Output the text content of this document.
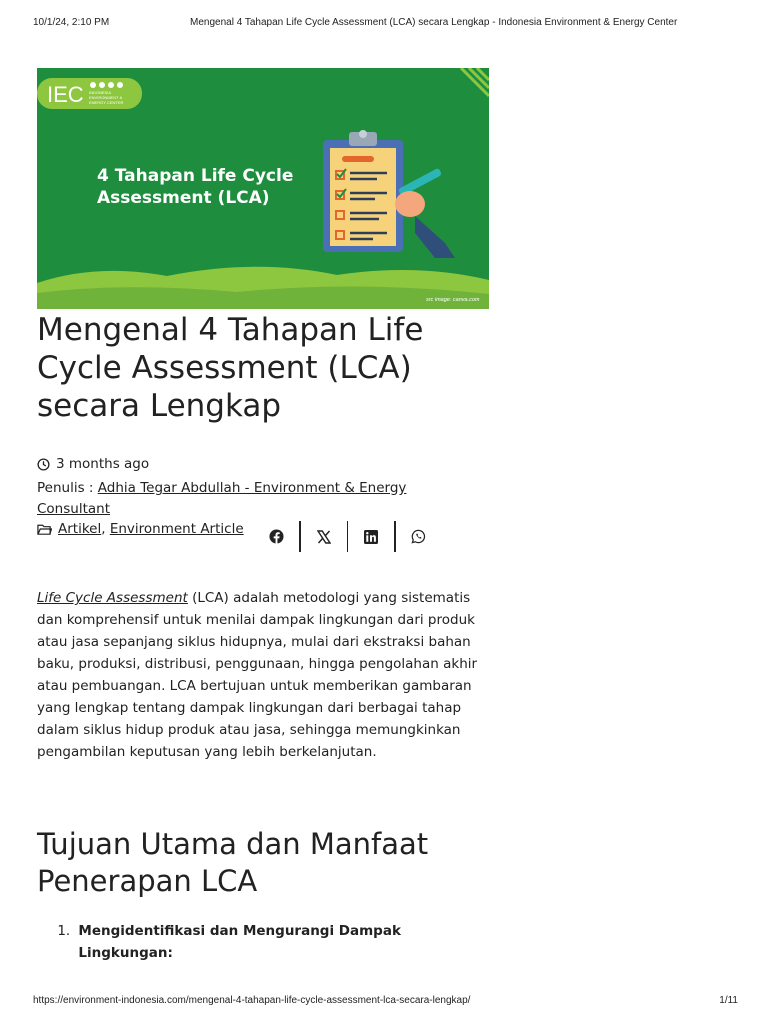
10/1/24, 2:10 PM	Mengenal 4 Tahapan Life Cycle Assessment (LCA) secara Lengkap - Indonesia Environment & Energy Center
IEC INDONESIA
ENVIRONMENT &
ENERGY CENTER
4 Tahapan Life Cycle
Assessment (LCA)
src image: canva.com
Mengenal 4 Tahapan Life Cycle Assessment (LCA) secara Lengkap
3 months ago
Penulis : Adhia Tegar Abdullah - Environment & Energy Consultant
Artikel, Environment Article

Life Cycle Assessment (LCA) adalah metodologi yang sistematis dan komprehensif untuk menilai dampak lingkungan dari produk atau jasa sepanjang siklus hidupnya, mulai dari ekstraksi bahan baku, produksi, distribusi, penggunaan, hingga pengolahan akhir atau pembuangan. LCA bertujuan untuk memberikan gambaran yang lengkap tentang dampak lingkungan dari berbagai tahap dalam siklus hidup produk atau jasa, sehingga memungkinkan pengambilan keputusan yang lebih berkelanjutan.

Tujuan Utama dan Manfaat Penerapan LCA
1. Mengidentifikasi dan Mengurangi Dampak Lingkungan:
https://environment-indonesia.com/mengenal-4-tahapan-life-cycle-assessment-lca-secara-lengkap/	1/11
